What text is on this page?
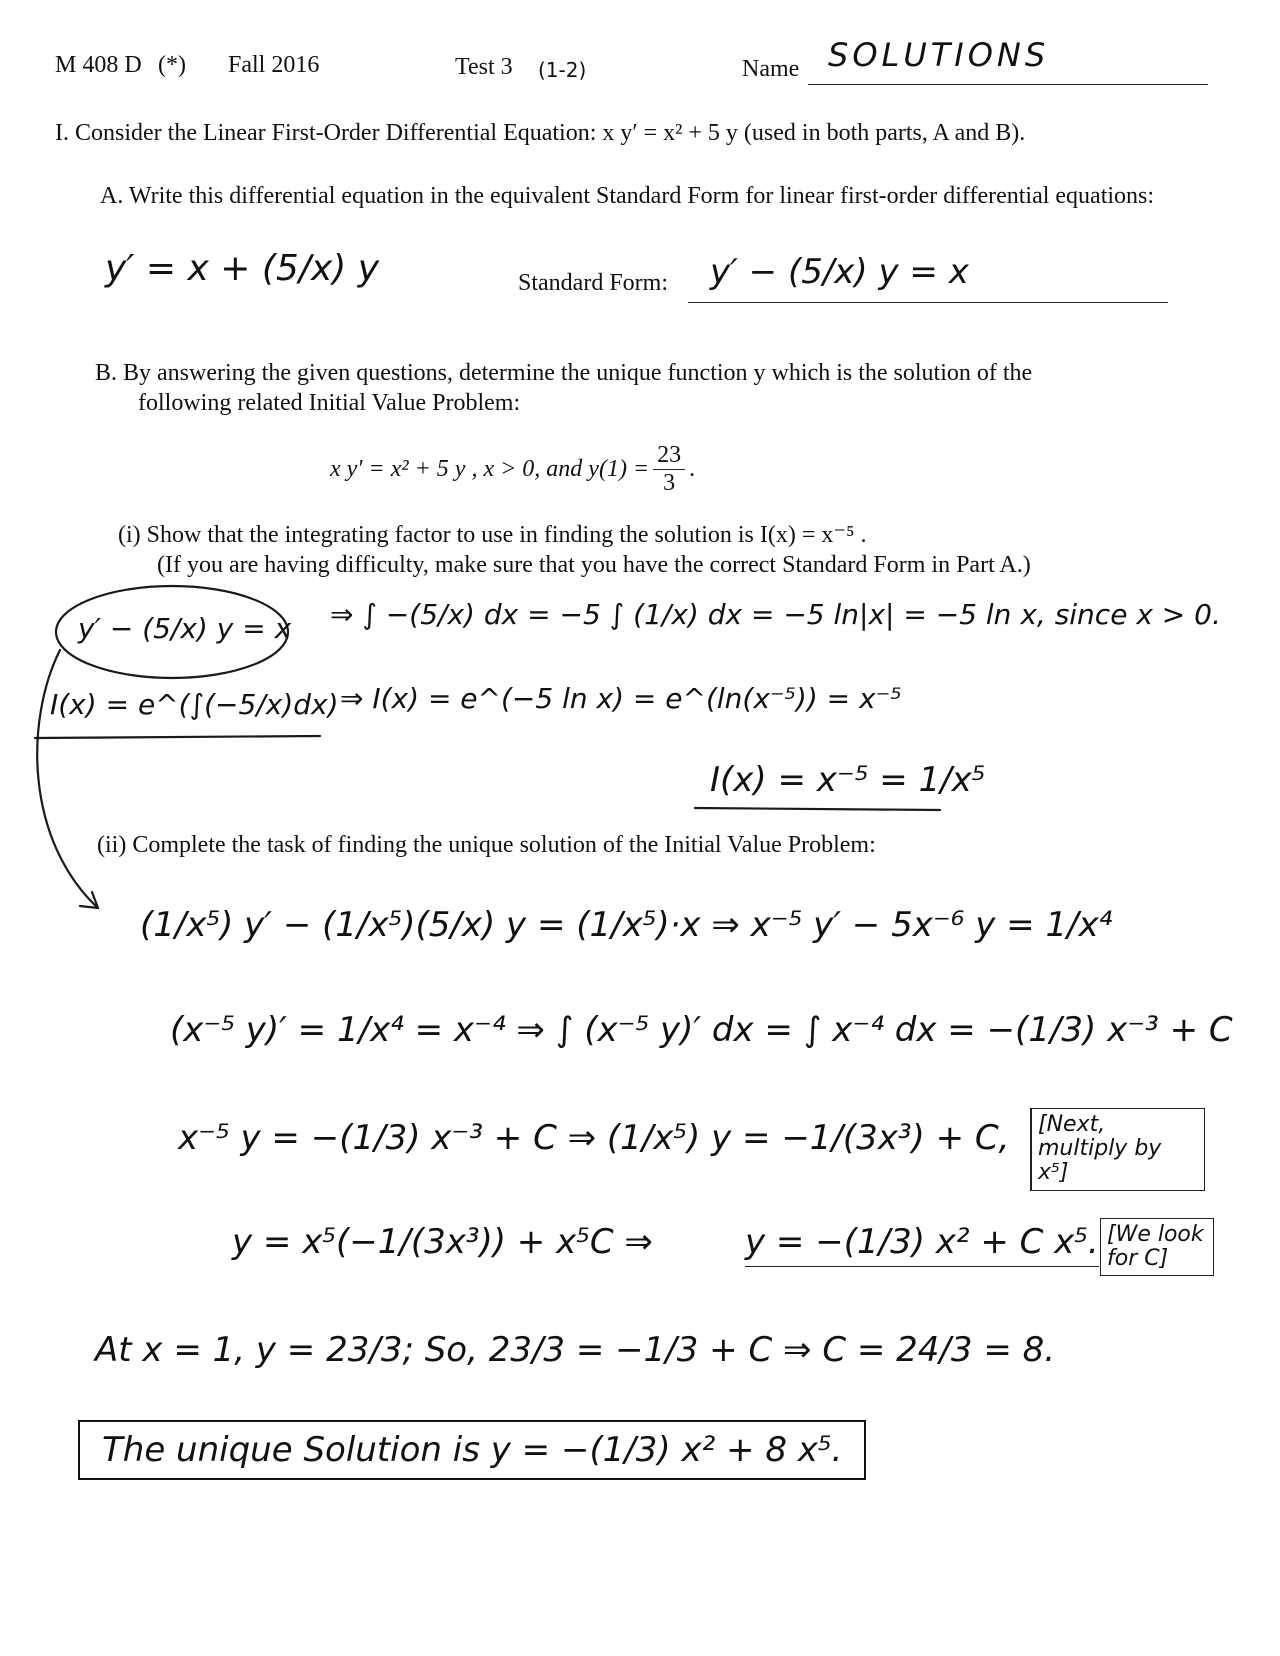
M 408 D (*) Fall 2016	Test 3 (1-2)	Name SOLUTIONS
I. Consider the Linear First-Order Differential Equation: x y′ = x² + 5 y (used in both parts, A and B).
A. Write this differential equation in the equivalent Standard Form for linear first-order differential equations:
y′ = x + (5/x) y	Standard Form: y′ − (5/x) y = x
B. By answering the given questions, determine the unique function y which is the solution of the
following related Initial Value Problem:
x y′ = x² + 5 y , x > 0, and $y(1) = \frac{23}{3}$ .
(i) Show that the integrating factor to use in finding the solution is I(x) = x⁻⁵ .
(If you are having difficulty, make sure that you have the correct Standard Form in Part A.)
y′ − (5/x) y = x ⇒ ∫ −(5/x) dx = −5 ∫ (1/x) dx = −5 ln|x| = −5 ln x, since x > 0.
I(x) = e^(∫(−5/x)dx) ⇒ I(x) = e^(−5 ln x) = e^(ln(x⁻⁵)) = x⁻⁵
I(x) = x⁻⁵ = 1/x⁵
(ii) Complete the task of finding the unique solution of the Initial Value Problem:
(1/x⁵) y′ − (1/x⁵)(5/x) y = (1/x⁵)·x ⇒ x⁻⁵ y′ − 5x⁻⁶ y = 1/x⁴
(x⁻⁵ y)′ = 1/x⁴ = x⁻⁴ ⇒ ∫ (x⁻⁵ y)′ dx = ∫ x⁻⁴ dx = −(1/3) x⁻³ + C
x⁻⁵ y = −(1/3) x⁻³ + C ⇒ (1/x⁵) y = −1/(3x³) + C,	[Next, multiply by x⁵]
y = x⁵(−1/(3x³)) + x⁵C ⇒	y = −(1/3) x² + C x⁵. [We look for C]
At x = 1, y = 23/3; So, 23/3 = −1/3 + C ⇒ C = 24/3 = 8.
The unique Solution is y = −(1/3) x² + 8 x⁵.
